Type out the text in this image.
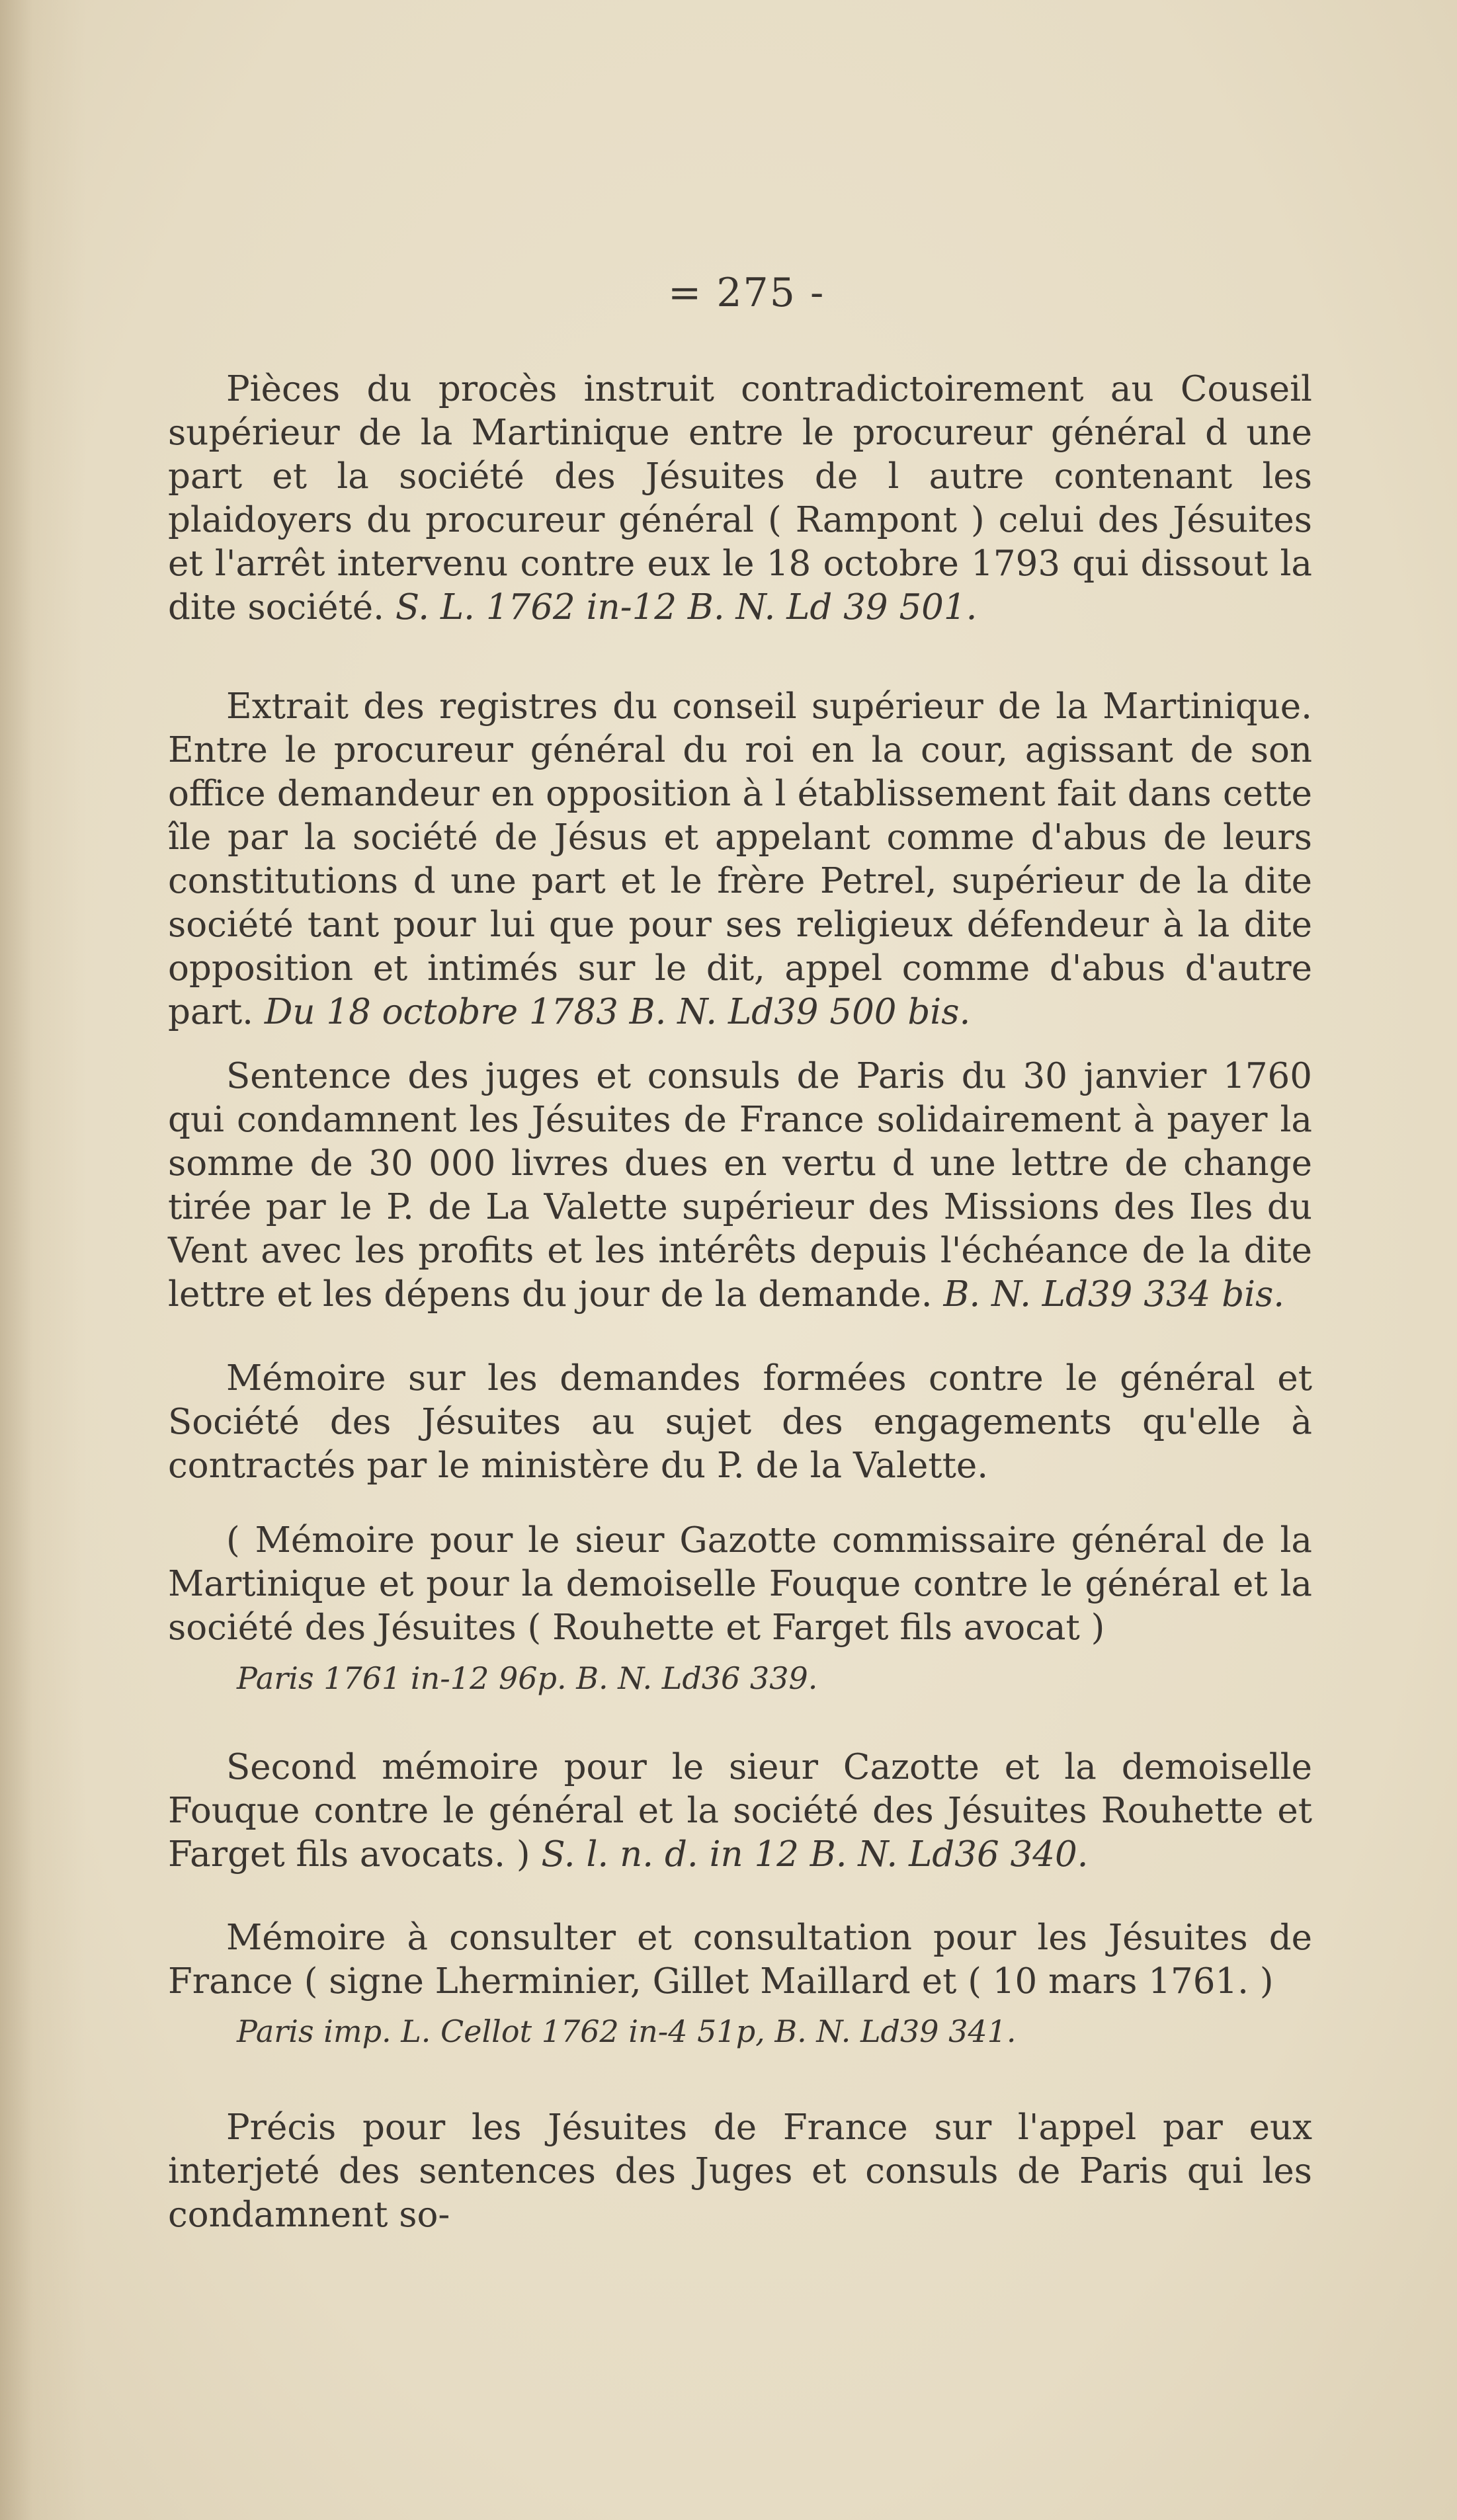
= 275 -

Pièces du procès instruit contradictoirement au Couseil supérieur de la Martinique entre le procureur général d une part et la société des Jésuites de l autre contenant les plaidoyers du procureur général ( Rampont ) celui des Jésuites et l'arrêt intervenu contre eux le 18 octobre 1793 qui dissout la dite société. S. L. 1762 in-12 B. N. Ld 39 501.

Extrait des registres du conseil supérieur de la Martinique. Entre le procureur général du roi en la cour, agissant de son office demandeur en opposition à l établissement fait dans cette île par la société de Jésus et appelant comme d'abus de leurs constitutions d une part et le frère Petrel, supérieur de la dite société tant pour lui que pour ses religieux défendeur à la dite opposition et intimés sur le dit, appel comme d'abus d'autre part. Du 18 octobre 1783 B. N. Ld39 500 bis.

Sentence des juges et consuls de Paris du 30 janvier 1760 qui condamnent les Jésuites de France solidairement à payer la somme de 30 000 livres dues en vertu d une lettre de change tirée par le P. de La Valette supérieur des Missions des Iles du Vent avec les profits et les intérêts depuis l'échéance de la dite lettre et les dépens du jour de la demande. B. N. Ld39 334 bis.

Mémoire sur les demandes formées contre le général et Société des Jésuites au sujet des engagements qu'elle à contractés par le ministère du P. de la Valette.

( Mémoire pour le sieur Gazotte commissaire général de la Martinique et pour la demoiselle Fouque contre le général et la société des Jésuites ( Rouhette et Farget fils avocat )

Paris 1761 in-12 96p. B. N. Ld36 339.

Second mémoire pour le sieur Cazotte et la demoiselle Fouque contre le général et la société des Jésuites Rouhette et Farget fils avocats. ) S. l. n. d. in 12 B. N. Ld36 340.

Mémoire à consulter et consultation pour les Jésuites de France ( signe Lherminier, Gillet Maillard et ( 10 mars 1761. )

Paris imp. L. Cellot 1762 in-4 51p, B. N. Ld39 341.

Précis pour les Jésuites de France sur l'appel par eux interjeté des sentences des Juges et consuls de Paris qui les condamnent so-
